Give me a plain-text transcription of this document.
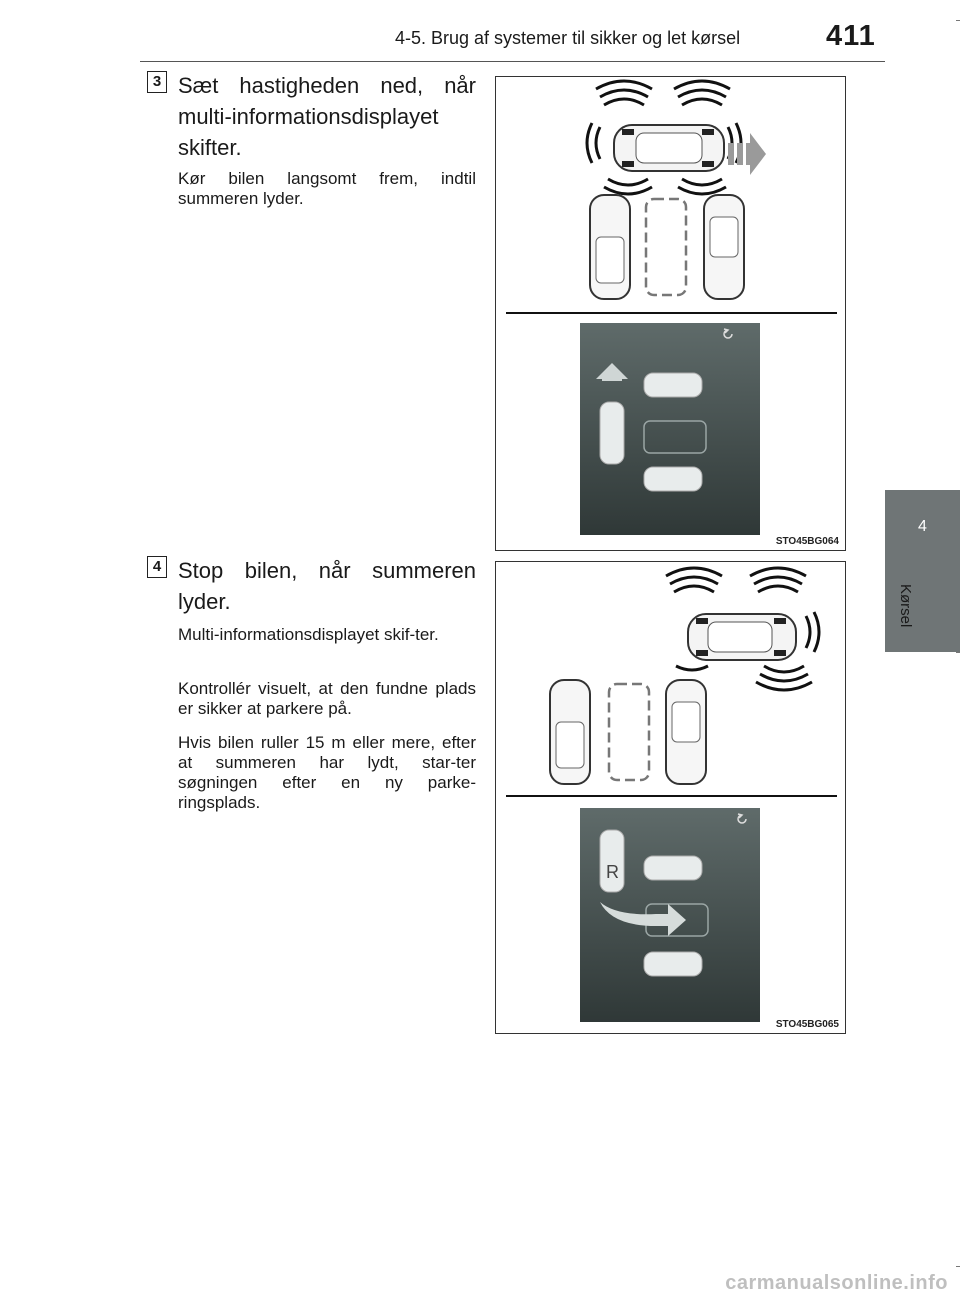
4-5. Brug af systemer til sikker og let kørsel	411
4
Kørsel
3 Sæt hastigheden ned, når multi-informationsdisplayet skifter.
Kør bilen langsomt frem, indtil summeren lyder.
STO45BG064
4 Stop bilen, når summeren lyder.
Multi-informationsdisplayet skif-ter.
Kontrollér visuelt, at den fundne plads er sikker at parkere på.
Hvis bilen ruller 15 m eller mere, efter at summeren har lydt, star-ter søgningen efter en ny parke-ringsplads.
R
STO45BG065
carmanualsonline.info
